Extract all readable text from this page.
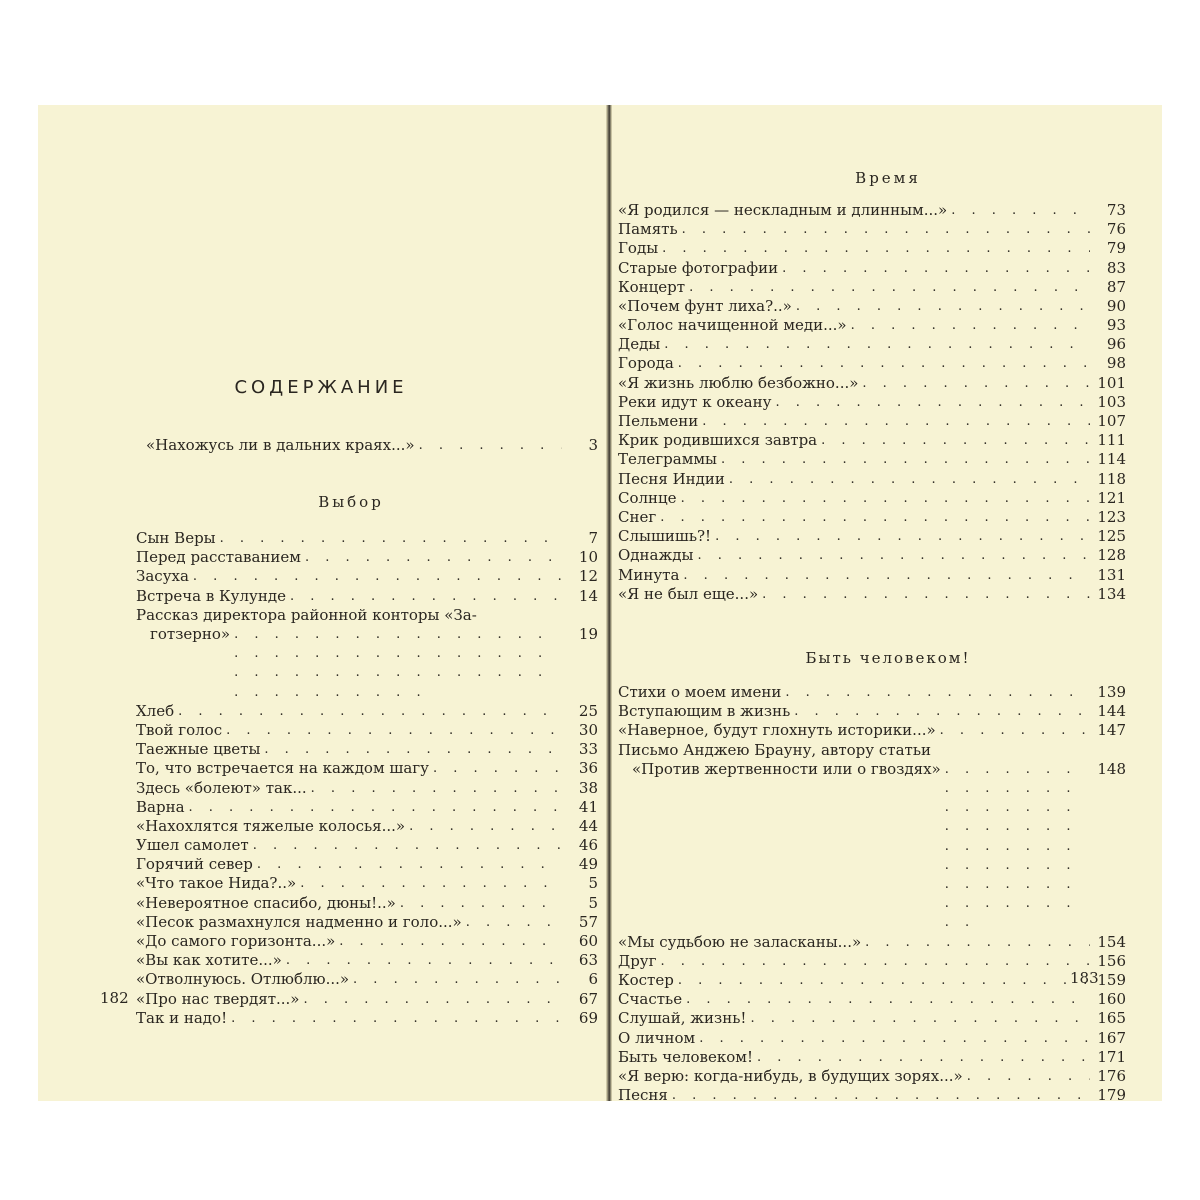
СОДЕРЖАНИЕ
«Нахожусь ли в дальних краях...» . . .	3
Выбор
Сын Веры . . .	7
Перед расставанием . . .	10
Засуха . . .	12
Встреча в Кулунде . . .	14
Рассказ директора районной конторы «За-
готзерно» . . .	19
Хлеб . . .	25
Твой голос . . .	30
Таежные цветы . . .	33
То, что встречается на каждом шагу . . .	36
Здесь «болеют» так... . . .	38
Варна . . .	41
«Нахохлятся тяжелые колосья...» . . .	44
Ушел самолет . . .	46
Горячий север . . .	49
«Что такое Нида?..» . . .	5
«Невероятное спасибо, дюны!..» . . .	5
«Песок размахнулся надменно и голо...» . . .	57
«До самого горизонта...» . . .	60
«Вы как хотите...» . . .	63
«Отволнуюсь. Отлюблю...» . . .	6
«Про нас твердят...» . . .	67
Так и надо! . . .	69
182
Время
«Я родился — нескладным и длинным...» . . .	73
Память . . .	76
Годы . . .	79
Старые фотографии . . .	83
Концерт . . .	87
«Почем фунт лиха?..» . . .	90
«Голос начищенной меди...» . . .	93
Деды . . .	96
Города . . .	98
«Я жизнь люблю безбожно...» . . .	101
Реки идут к океану . . .	103
Пельмени . . .	107
Крик родившихся завтра . . .	111
Телеграммы . . .	114
Песня Индии . . .	118
Солнце . . .	121
Снег . . .	123
Слышишь?! . . .	125
Однажды . . .	128
Минута . . .	131
«Я не был еще...» . . .	134
Быть человеком!
Стихи о моем имени . . .	139
Вступающим в жизнь . . .	144
«Наверное, будут глохнуть историки...» . . .	147
Письмо Анджею Брауну, автору статьи
«Против жертвенности или о гвоздях» . . .	148
«Мы судьбою не заласканы...» . . .	154
Друг . . .	156
Костер . . .	159
Счастье . . .	160
Слушай, жизнь! . . .	165
О личном . . .	167
Быть человеком! . . .	171
«Я верю: когда-нибудь, в будущих зорях...» . . .	176
Песня . . .	179
183
